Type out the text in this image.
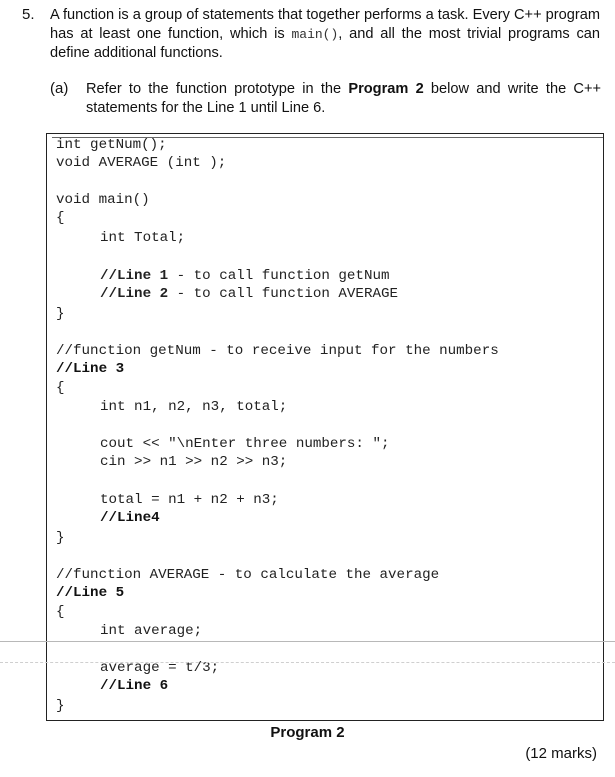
5. A function is a group of statements that together performs a task. Every C++ program has at least one function, which is main(), and all the most trivial programs can define additional functions.
(a) Refer to the function prototype in the Program 2 below and write the C++ statements for the Line 1 until Line 6.
int getNum();
void AVERAGE (int );
void main()
{
int Total;
//Line 1 - to call function getNum
//Line 2 - to call function AVERAGE
}
//function getNum - to receive input for the numbers
//Line 3
{
int n1, n2, n3, total;
cout << "\nEnter three numbers: ";
cin >> n1 >> n2 >> n3;
total = n1 + n2 + n3;
//Line4
}
//function AVERAGE - to calculate the average
//Line 5
{
int average;
average = t/3;
//Line 6
}
Program 2
(12 marks)
